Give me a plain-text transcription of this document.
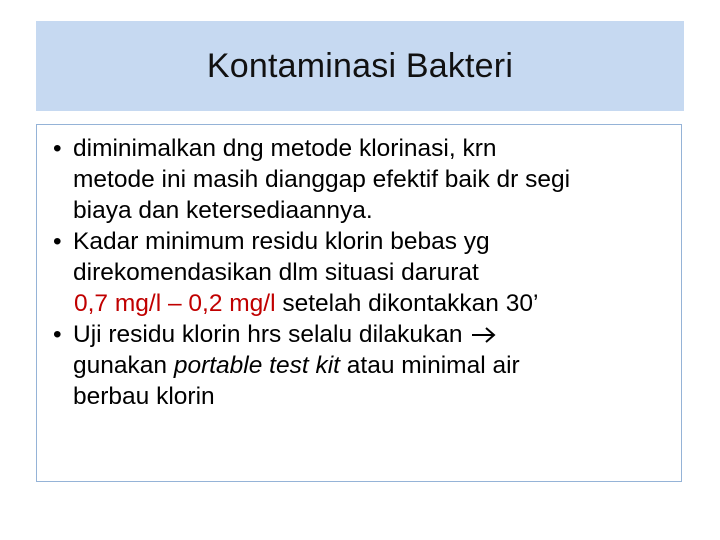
Kontaminasi Bakteri
• diminimalkan dng metode klorinasi, krn
metode ini masih dianggap efektif baik dr segi
biaya dan ketersediaannya.
• Kadar minimum residu klorin bebas yg
direkomendasikan dlm situasi darurat
0,7 mg/l – 0,2 mg/l setelah dikontakkan 30’
• Uji residu klorin hrs selalu dilakukan
gunakan portable test kit atau minimal air
berbau klorin
